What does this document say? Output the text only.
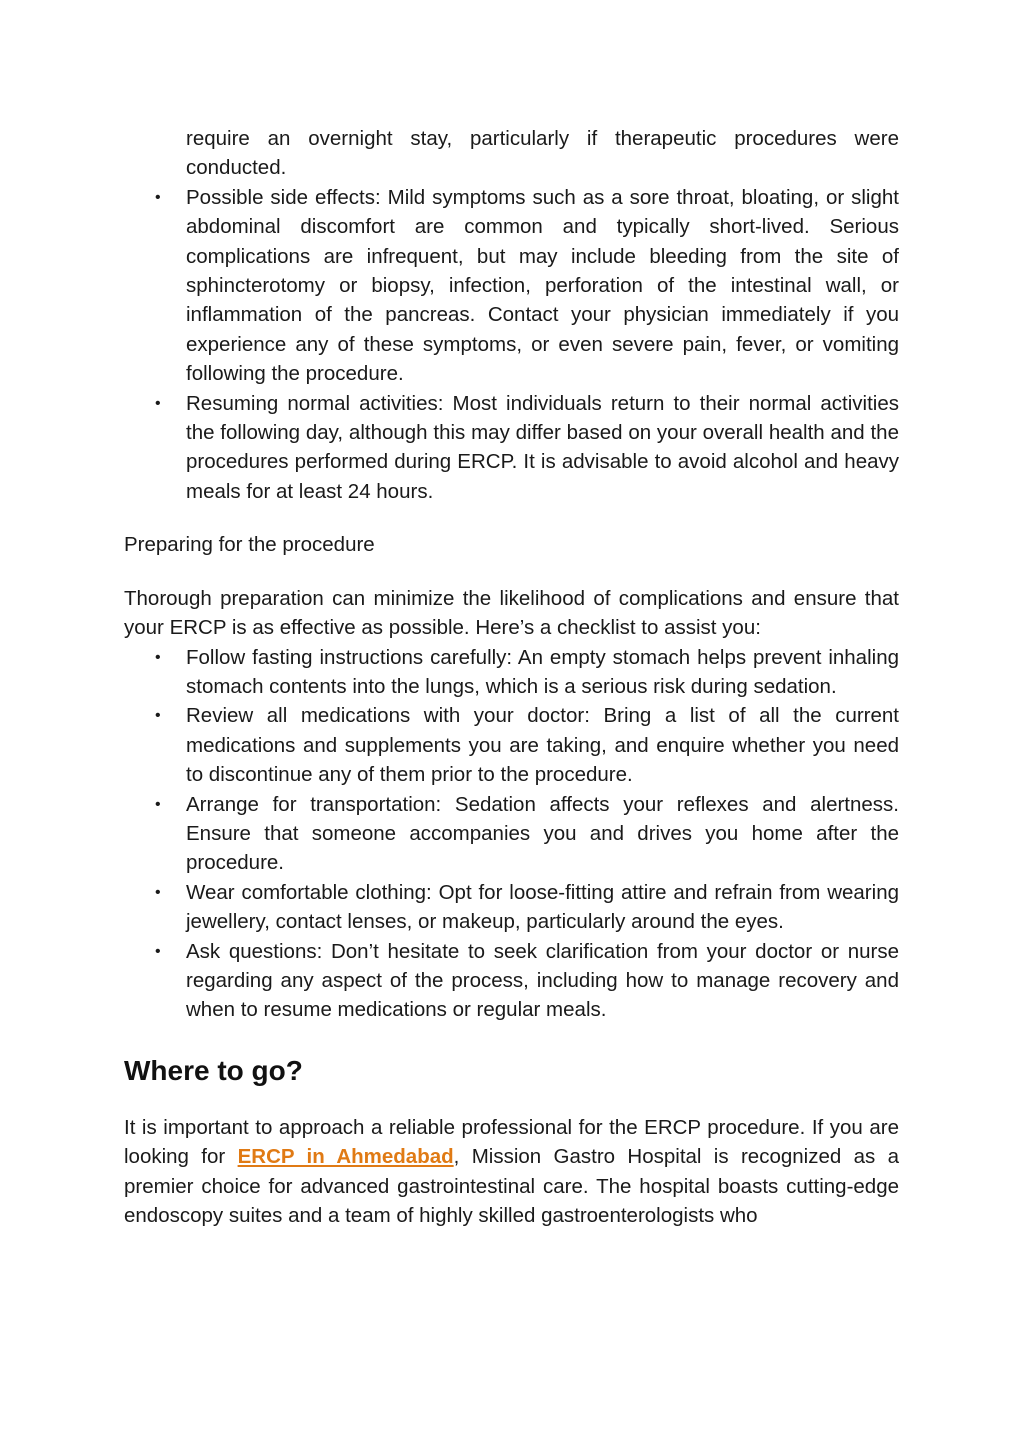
require an overnight stay, particularly if therapeutic procedures were conducted.
• Possible side effects: Mild symptoms such as a sore throat, bloating, or slight abdominal discomfort are common and typically short-lived. Serious complications are infrequent, but may include bleeding from the site of sphincterotomy or biopsy, infection, perforation of the intestinal wall, or inflammation of the pancreas. Contact your physician immediately if you experience any of these symptoms, or even severe pain, fever, or vomiting following the procedure.
• Resuming normal activities: Most individuals return to their normal activities the following day, although this may differ based on your overall health and the procedures performed during ERCP. It is advisable to avoid alcohol and heavy meals for at least 24 hours.

Preparing for the procedure

Thorough preparation can minimize the likelihood of complications and ensure that your ERCP is as effective as possible. Here’s a checklist to assist you:

• Follow fasting instructions carefully: An empty stomach helps prevent inhaling stomach contents into the lungs, which is a serious risk during sedation.
• Review all medications with your doctor: Bring a list of all the current medications and supplements you are taking, and enquire whether you need to discontinue any of them prior to the procedure.
• Arrange for transportation: Sedation affects your reflexes and alertness. Ensure that someone accompanies you and drives you home after the procedure.
• Wear comfortable clothing: Opt for loose-fitting attire and refrain from wearing jewellery, contact lenses, or makeup, particularly around the eyes.
• Ask questions: Don’t hesitate to seek clarification from your doctor or nurse regarding any aspect of the process, including how to manage recovery and when to resume medications or regular meals.
Where to go?

It is important to approach a reliable professional for the ERCP procedure. If you are looking for ERCP in Ahmedabad, Mission Gastro Hospital is recognized as a premier choice for advanced gastrointestinal care. The hospital boasts cutting-edge endoscopy suites and a team of highly skilled gastroenterologists who
